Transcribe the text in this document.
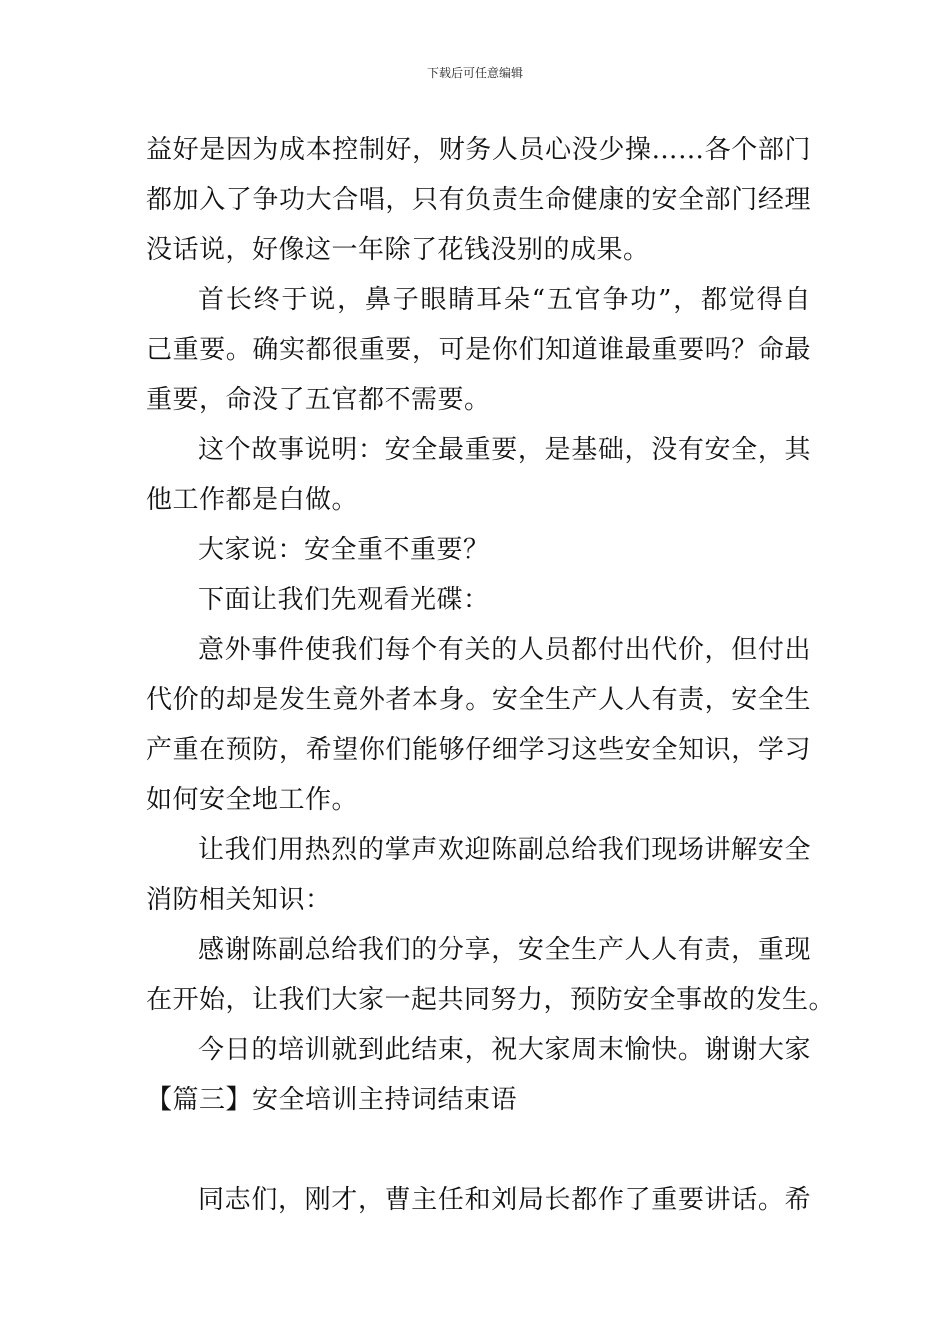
下载后可任意编辑
益好是因为成本控制好，财务人员心没少操……各个部门
都加入了争功大合唱，只有负责生命健康的安全部门经理
没话说，好像这一年除了花钱没别的成果。
首长终于说，鼻子眼睛耳朵“五官争功”，都觉得自
己重要。确实都很重要，可是你们知道谁最重要吗？命最
重要，命没了五官都不需要。
这个故事说明：安全最重要，是基础，没有安全，其
他工作都是白做。
大家说：安全重不重要？
下面让我们先观看光碟：
意外事件使我们每个有关的人员都付出代价，但付出
代价的却是发生竟外者本身。安全生产人人有责，安全生
产重在预防，希望你们能够仔细学习这些安全知识，学习
如何安全地工作。
让我们用热烈的掌声欢迎陈副总给我们现场讲解安全
消防相关知识：
感谢陈副总给我们的分享，安全生产人人有责，重现
在开始，让我们大家一起共同努力，预防安全事故的发生。
今日的培训就到此结束，祝大家周末愉快。谢谢大家
【篇三】安全培训主持词结束语
同志们，刚才，曹主任和刘局长都作了重要讲话。希
